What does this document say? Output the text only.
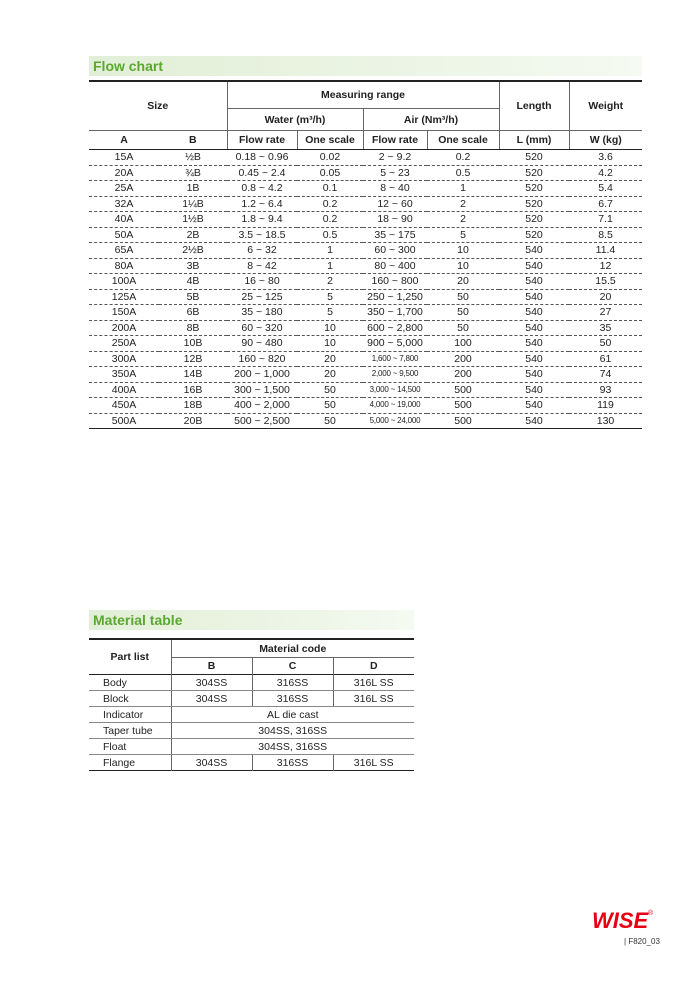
Flow chart
Size		Measuring range				Length	Weight
		Water (m³/h)		Air (Nm³/h)			
A	B	Flow rate	One scale	Flow rate	One scale	L (mm)	W (kg)
15A	½B	0.18 ~ 0.96	0.02	2 ~ 9.2	0.2	520	3.6
20A	¾B	0.45 ~ 2.4	0.05	5 ~ 23	0.5	520	4.2
25A	1B	0.8 ~ 4.2	0.1	8 ~ 40	1	520	5.4
32A	1¼B	1.2 ~ 6.4	0.2	12 ~ 60	2	520	6.7
40A	1½B	1.8 ~ 9.4	0.2	18 ~ 90	2	520	7.1
50A	2B	3.5 ~ 18.5	0.5	35 ~ 175	5	520	8.5
65A	2½B	6 ~ 32	1	60 ~ 300	10	540	11.4
80A	3B	8 ~ 42	1	80 ~ 400	10	540	12
100A	4B	16 ~ 80	2	160 ~ 800	20	540	15.5
125A	5B	25 ~ 125	5	250 ~ 1,250	50	540	20
150A	6B	35 ~ 180	5	350 ~ 1,700	50	540	27
200A	8B	60 ~ 320	10	600 ~ 2,800	50	540	35
250A	10B	90 ~ 480	10	900 ~ 5,000	100	540	50
300A	12B	160 ~ 820	20	1,600 ~ 7,800	200	540	61
350A	14B	200 ~ 1,000	20	2,000 ~ 9,500	200	540	74
400A	16B	300 ~ 1,500	50	3,000 ~ 14,500	500	540	93
450A	18B	400 ~ 2,000	50	4,000 ~ 19,000	500	540	119
500A	20B	500 ~ 2,500	50	5,000 ~ 24,000	500	540	130
Material table
Part list	Material code		
	B	C	D
Body	304SS	316SS	316L SS
Block	304SS	316SS	316L SS
Indicator	AL die cast		
Taper tube	304SS, 316SS		
Float	304SS, 316SS		
Flange	304SS	316SS	316L SS
WISE ®
| F820_03
